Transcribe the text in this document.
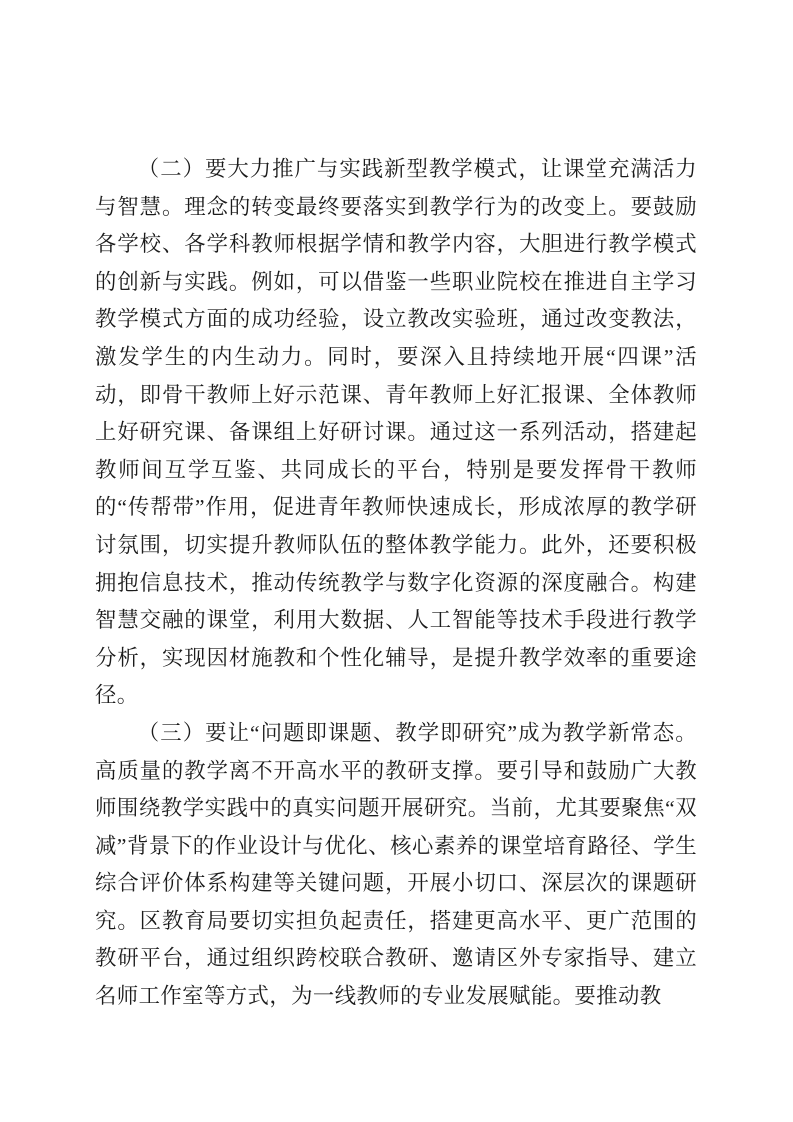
（二）要大力推广与实践新型教学模式，让课堂充满活力与智慧。理念的转变最终要落实到教学行为的改变上。要鼓励各学校、各学科教师根据学情和教学内容，大胆进行教学模式的创新与实践。例如，可以借鉴一些职业院校在推进自主学习教学模式方面的成功经验，设立教改实验班，通过改变教法，激发学生的内生动力。同时，要深入且持续地开展“四课”活动，即骨干教师上好示范课、青年教师上好汇报课、全体教师上好研究课、备课组上好研讨课。通过这一系列活动，搭建起教师间互学互鉴、共同成长的平台，特别是要发挥骨干教师的“传帮带”作用，促进青年教师快速成长，形成浓厚的教学研讨氛围，切实提升教师队伍的整体教学能力。此外，还要积极拥抱信息技术，推动传统教学与数字化资源的深度融合。构建智慧交融的课堂，利用大数据、人工智能等技术手段进行教学分析，实现因材施教和个性化辅导，是提升教学效率的重要途径。

（三）要让“问题即课题、教学即研究”成为教学新常态。高质量的教学离不开高水平的教研支撑。要引导和鼓励广大教师围绕教学实践中的真实问题开展研究。当前，尤其要聚焦“双减”背景下的作业设计与优化、核心素养的课堂培育路径、学生综合评价体系构建等关键问题，开展小切口、深层次的课题研究。区教育局要切实担负起责任，搭建更高水平、更广范围的教研平台，通过组织跨校联合教研、邀请区外专家指导、建立名师工作室等方式，为一线教师的专业发展赋能。要推动教
